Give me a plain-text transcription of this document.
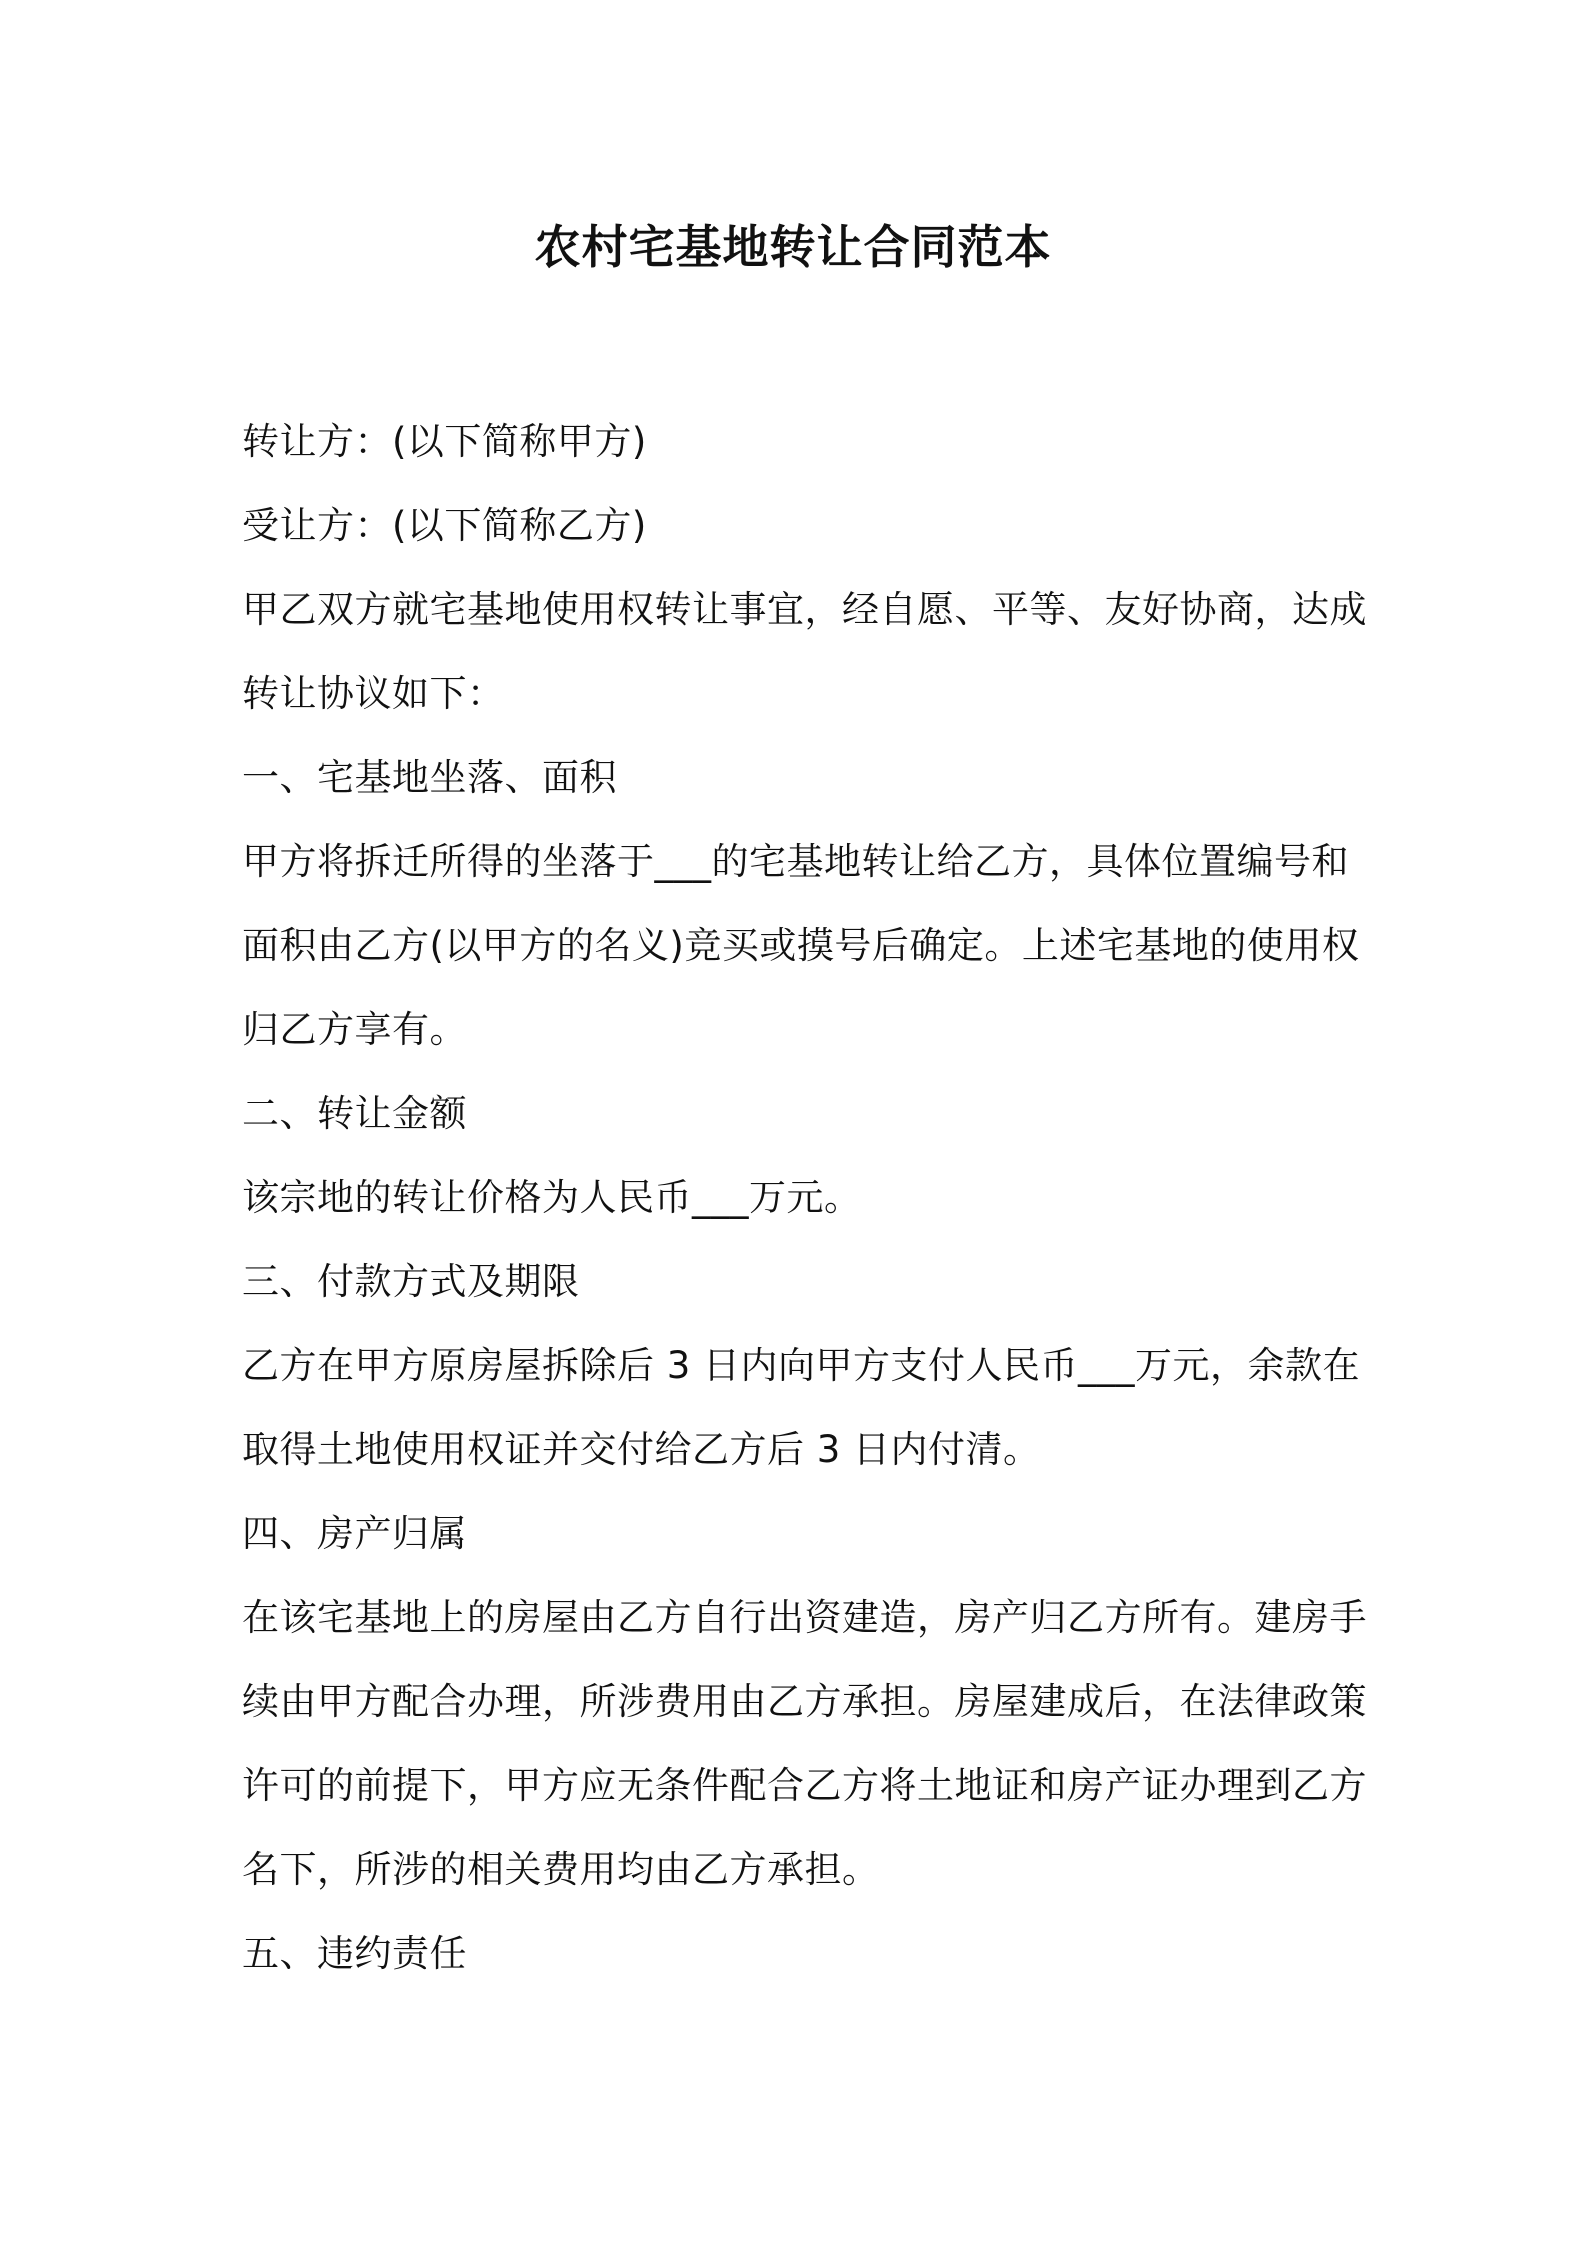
农村宅基地转让合同范本
转让方：(以下简称甲方)
受让方：(以下简称乙方)
甲乙双方就宅基地使用权转让事宜，经自愿、平等、友好协商，达成
转让协议如下：
一、宅基地坐落、面积
甲方将拆迁所得的坐落于___的宅基地转让给乙方，具体位置编号和
面积由乙方(以甲方的名义)竞买或摸号后确定。上述宅基地的使用权
归乙方享有。
二、转让金额
该宗地的转让价格为人民币___万元。
三、付款方式及期限
乙方在甲方原房屋拆除后 3 日内向甲方支付人民币___万元，余款在
取得土地使用权证并交付给乙方后 3 日内付清。
四、房产归属
在该宅基地上的房屋由乙方自行出资建造，房产归乙方所有。建房手
续由甲方配合办理，所涉费用由乙方承担。房屋建成后，在法律政策
许可的前提下，甲方应无条件配合乙方将土地证和房产证办理到乙方
名下，所涉的相关费用均由乙方承担。
五、违约责任
